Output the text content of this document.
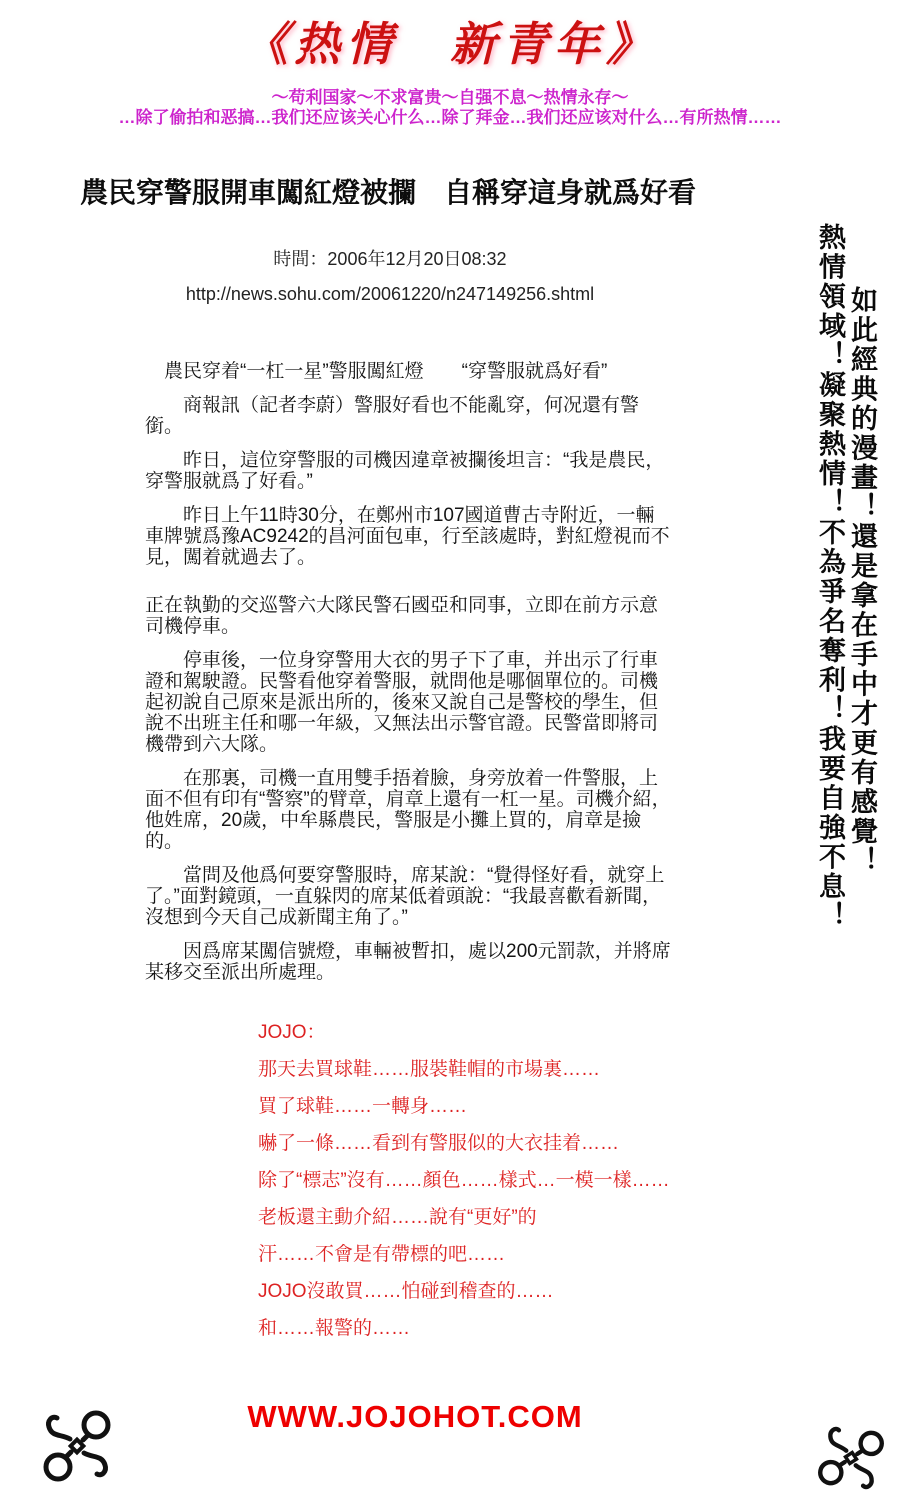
《热情　新青年》
～苟利国家～不求富贵～自强不息～热情永存～
…除了偷拍和恶搞…我们还应该关心什么…除了拜金…我们还应该对什么…有所热情……
農民穿警服開車闖紅燈被攔　自稱穿這身就爲好看
時間：2006年12月20日08:32
http://news.sohu.com/20061220/n247149256.shtml

農民穿着“一杠一星”警服闖紅燈　　“穿警服就爲好看”

商報訊（記者李蔚）警服好看也不能亂穿，何况還有警銜。

昨日，這位穿警服的司機因違章被攔後坦言：“我是農民，穿警服就爲了好看。”

昨日上午11時30分，在鄭州市107國道曹古寺附近，一輛車牌號爲豫AC9242的昌河面包車，行至該處時，對紅燈視而不見，闖着就過去了。

正在執勤的交巡警六大隊民警石國亞和同事，立即在前方示意司機停車。

停車後，一位身穿警用大衣的男子下了車，并出示了行車證和駕駛證。民警看他穿着警服，就問他是哪個單位的。司機起初說自己原來是派出所的，後來又說自己是警校的學生，但說不出班主任和哪一年級，又無法出示警官證。民警當即將司機帶到六大隊。

在那裏，司機一直用雙手捂着臉，身旁放着一件警服，上面不但有印有“警察”的臂章，肩章上還有一杠一星。司機介紹，他姓席，20歲，中牟縣農民，警服是小攤上買的，肩章是撿的。

當問及他爲何要穿警服時，席某說：“覺得怪好看，就穿上了。”面對鏡頭，一直躲閃的席某低着頭說：“我最喜歡看新聞，沒想到今天自己成新聞主角了。”

因爲席某闖信號燈，車輛被暫扣，處以200元罰款，并將席某移交至派出所處理。

如此經典的漫畫！還是拿在手中才更有感覺！
熱情領域！凝聚熱情！不為爭名奪利！我要自強不息！

JOJO：

那天去買球鞋……服裝鞋帽的市場裏……

買了球鞋……一轉身……

嚇了一條……看到有警服似的大衣挂着……

除了“標志”沒有……顏色……樣式…一模一樣……

老板還主動介紹……說有“更好”的

汗……不會是有帶標的吧……

JOJO沒敢買……怕碰到稽查的……

和……報警的……

WWW.JOJOHOT.COM
